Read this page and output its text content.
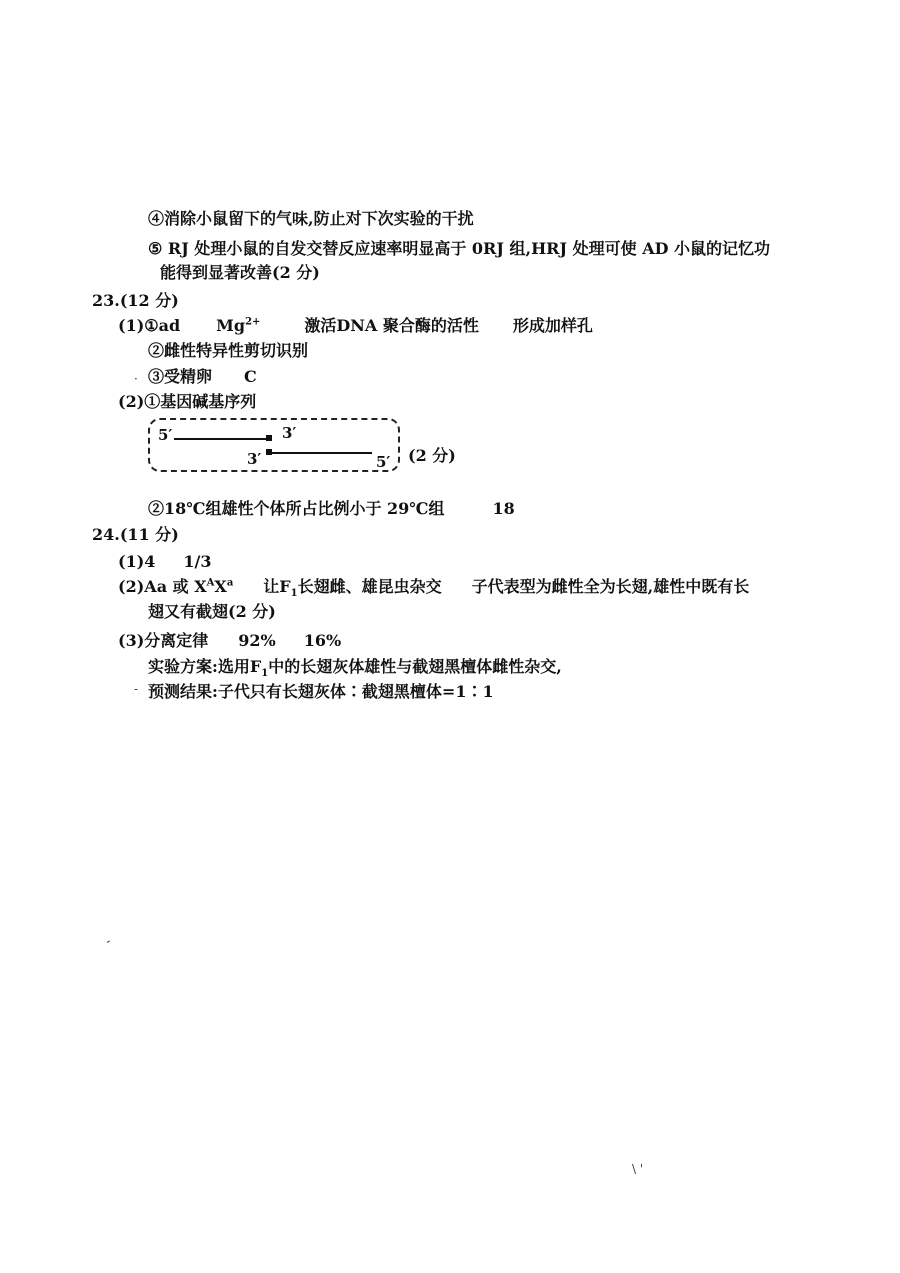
④消除小鼠留下的气味,防止对下次实验的干扰
⑤ RJ 处理小鼠的自发交替反应速率明显高于 0RJ 组,HRJ 处理可使 AD 小鼠的记忆功
能得到显著改善(2 分)
23.(12 分)
(1)①ad $Mg^{2+}$	激活DNA 聚合酶的活性 形成加样孔
②雌性特异性剪切识别
③受精卵 C
·
(2)①基因碱基序列
5′	3′
3′	5′ (2 分)
②18℃组雄性个体所占比例小于 29℃组	18
24.(11 分)
(1)4 1/3
(2)Aa 或 $X^AX^a$ 让$F_1$长翅雌、雄昆虫杂交 子代表型为雌性全为长翅,雄性中既有长
翅又有截翅(2 分)
(3)分离定律 92% 16%
实验方案:选用$F_1$中的长翅灰体雄性与截翅黑檀体雌性杂交,
预测结果:子代只有长翅灰体∶截翅黑檀体=1∶1
-
-
\ '
